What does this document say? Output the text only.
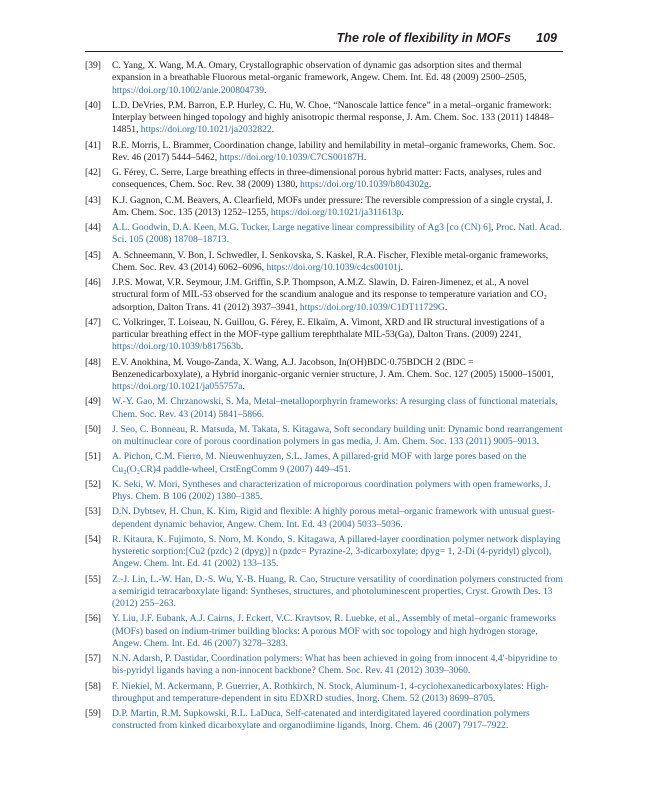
The role of flexibility in MOFs 109
[39] C. Yang, X. Wang, M.A. Omary, Crystallographic observation of dynamic gas adsorption sites and thermal expansion in a breathable Fluorous metal-organic framework, Angew. Chem. Int. Ed. 48 (2009) 2500–2505, https://doi.org/10.1002/anie.200804739.
[40] L.D. DeVries, P.M. Barron, E.P. Hurley, C. Hu, W. Choe, “Nanoscale lattice fence” in a metal–organic framework: Interplay between hinged topology and highly anisotropic thermal response, J. Am. Chem. Soc. 133 (2011) 14848–14851, https://doi.org/10.1021/ja2032822.
[41] R.E. Morris, L. Brammer, Coordination change, lability and hemilability in metal–organic frameworks, Chem. Soc. Rev. 46 (2017) 5444–5462, https://doi.org/10.1039/C7CS00187H.
[42] G. Férey, C. Serre, Large breathing effects in three-dimensional porous hybrid matter: Facts, analyses, rules and consequences, Chem. Soc. Rev. 38 (2009) 1380, https://doi.org/10.1039/b804302g.
[43] K.J. Gagnon, C.M. Beavers, A. Clearfield, MOFs under pressure: The reversible compression of a single crystal, J. Am. Chem. Soc. 135 (2013) 1252–1255, https://doi.org/10.1021/ja311613p.
[44] A.L. Goodwin, D.A. Keen, M.G. Tucker, Large negative linear compressibility of Ag3 [co (CN) 6], Proc. Natl. Acad. Sci. 105 (2008) 18708–18713.
[45] A. Schneemann, V. Bon, I. Schwedler, I. Senkovska, S. Kaskel, R.A. Fischer, Flexible metal-organic frameworks, Chem. Soc. Rev. 43 (2014) 6062–6096, https://doi.org/10.1039/c4cs00101j.
[46] J.P.S. Mowat, V.R. Seymour, J.M. Griffin, S.P. Thompson, A.M.Z. Slawin, D. Fairen-Jimenez, et al., A novel structural form of MIL-53 observed for the scandium analogue and its response to temperature variation and CO₂ adsorption, Dalton Trans. 41 (2012) 3937–3941, https://doi.org/10.1039/C1DT11729G.
[47] C. Volkringer, T. Loiseau, N. Guillou, G. Férey, E. Elkaïm, A. Vimont, XRD and IR structural investigations of a particular breathing effect in the MOF-type gallium terephthalate MIL-53(Ga), Dalton Trans. (2009) 2241, https://doi.org/10.1039/b817563b.
[48] E.V. Anokhina, M. Vougo-Zanda, X. Wang, A.J. Jacobson, In(OH)BDC·0.75BDCH 2 (BDC = Benzenedicarboxylate), a Hybrid inorganic-organic vernier structure, J. Am. Chem. Soc. 127 (2005) 15000–15001, https://doi.org/10.1021/ja055757a.
[49] W.-Y. Gao, M. Chrzanowski, S. Ma, Metal–metalloporphyrin frameworks: A resurging class of functional materials, Chem. Soc. Rev. 43 (2014) 5841–5866.
[50] J. Seo, C. Bonneau, R. Matsuda, M. Takata, S. Kitagawa, Soft secondary building unit: Dynamic bond rearrangement on multinuclear core of porous coordination polymers in gas media, J. Am. Chem. Soc. 133 (2011) 9005–9013.
[51] A. Pichon, C.M. Fierro, M. Nieuwenhuyzen, S.L. James, A pillared-grid MOF with large pores based on the Cu₂(O₂CR)4 paddle-wheel, CrstEngComm 9 (2007) 449–451.
[52] K. Seki, W. Mori, Syntheses and characterization of microporous coordination polymers with open frameworks, J. Phys. Chem. B 106 (2002) 1380–1385.
[53] D.N. Dybtsev, H. Chun, K. Kim, Rigid and flexible: A highly porous metal–organic framework with unusual guest-dependent dynamic behavior, Angew. Chem. Int. Ed. 43 (2004) 5033–5036.
[54] R. Kitaura, K. Fujimoto, S. Noro, M. Kondo, S. Kitagawa, A pillared-layer coordination polymer network displaying hysteretic sorption:[Cu2 (pzdc) 2 (dpyg)] n (pzdc= Pyrazine-2, 3-dicarboxylate; dpyg= 1, 2-Di (4-pyridyl) glycol), Angew. Chem. Int. Ed. 41 (2002) 133–135.
[55] Z.-J. Lin, L.-W. Han, D.-S. Wu, Y.-B. Huang, R. Cao, Structure versatility of coordination polymers constructed from a semirigid tetracarboxylate ligand: Syntheses, structures, and photoluminescent properties, Cryst. Growth Des. 13 (2012) 255–263.
[56] Y. Liu, J.F. Eubank, A.J. Cairns, J. Eckert, V.C. Kravtsov, R. Luebke, et al., Assembly of metal–organic frameworks (MOFs) based on indium-trimer building blocks: A porous MOF with soc topology and high hydrogen storage, Angew. Chem. Int. Ed. 46 (2007) 3278–3283.
[57] N.N. Adarsh, P. Dastidar, Coordination polymers: What has been achieved in going from innocent 4,4′-bipyridine to bis-pyridyl ligands having a non-innocent backbone? Chem. Soc. Rev. 41 (2012) 3039–3060.
[58] F. Niekiel, M. Ackermann, P. Guerrier, A. Rothkirch, N. Stock, Aluminum-1, 4-cyclohexanedicarboxylates: High-throughput and temperature-dependent in situ EDXRD studies, Inorg. Chem. 52 (2013) 8699–8705.
[59] D.P. Martin, R.M. Supkowski, R.L. LaDuca, Self-catenated and interdigitated layered coordination polymers constructed from kinked dicarboxylate and organodiimine ligands, Inorg. Chem. 46 (2007) 7917–7922.
